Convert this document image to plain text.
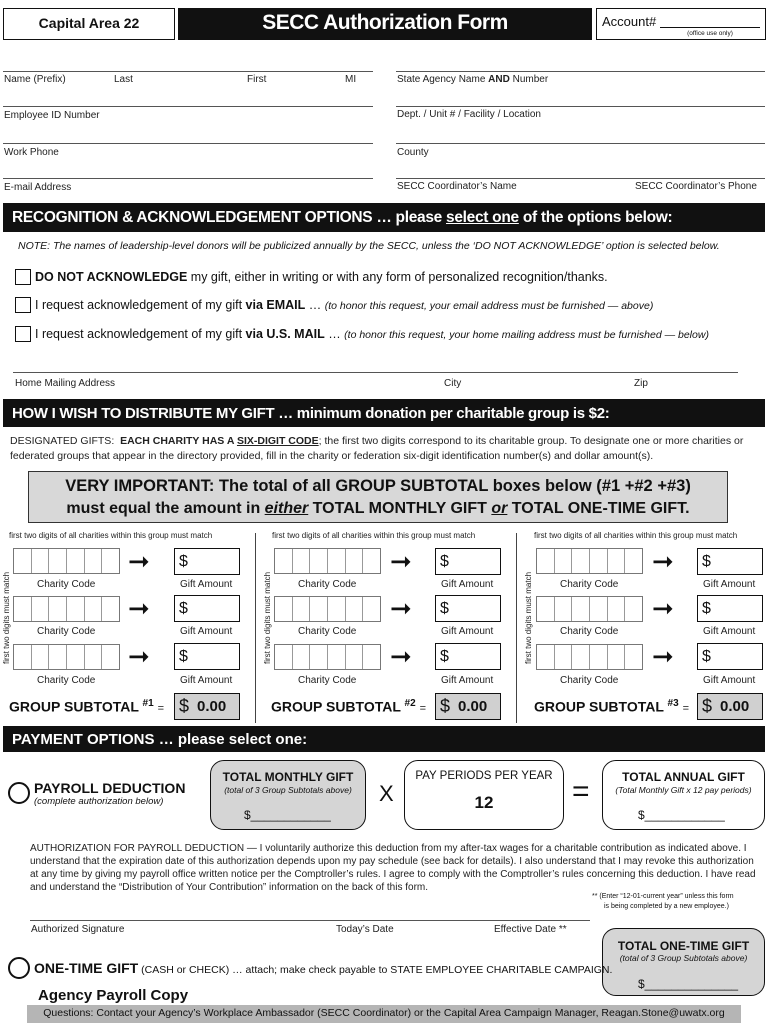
Capital Area 22	SECC Authorization Form	Account#
(office use only)
Name (Prefix)	Last	First	MI	State Agency Name AND Number
Employee ID Number	Dept. / Unit # / Facility / Location
Work Phone	County
E-mail Address	SECC Coordinator’s Name	SECC Coordinator’s Phone
RECOGNITION & ACKNOWLEDGEMENT OPTIONS … please select one of the options below:
NOTE: The names of leadership-level donors will be publicized annually by the SECC, unless the ‘DO NOT ACKNOWLEDGE’ option is selected below.
DO NOT ACKNOWLEDGE my gift, either in writing or with any form of personalized recognition/thanks.
I request acknowledgement of my gift via EMAIL … (to honor this request, your email address must be furnished — above)
I request acknowledgement of my gift via U.S. MAIL … (to honor this request, your home mailing address must be furnished — below)
Home Mailing Address	City	Zip
HOW I WISH TO DISTRIBUTE MY GIFT … minimum donation per charitable group is $2:
DESIGNATED GIFTS:  EACH CHARITY HAS A SIX-DIGIT CODE; the first two digits correspond to its charitable group. To designate one or more charities or federated groups that appear in the directory provided, fill in the charity or federation six-digit identification number(s) and dollar amount(s).
VERY IMPORTANT: The total of all GROUP SUBTOTAL boxes below (#1 +#2 +#3)
must equal the amount in either TOTAL MONTHLY GIFT or TOTAL ONE-TIME GIFT.
first two digits of all charities within this group must match
first two digits must match
➞	$
Charity Code	Gift Amount
➞	$
Charity Code	Gift Amount
➞	$
Charity Code	Gift Amount
GROUP SUBTOTAL $^{\#1}$ = $ 0.00
first two digits of all charities within this group must match
first two digits must match
➞	$
Charity Code	Gift Amount
➞	$
Charity Code	Gift Amount
➞	$
Charity Code	Gift Amount
GROUP SUBTOTAL $^{\#2}$ = $ 0.00
first two digits of all charities within this group must match
first two digits must match
➞	$
Charity Code	Gift Amount
➞	$
Charity Code	Gift Amount
➞	$
Charity Code	Gift Amount
GROUP SUBTOTAL $^{\#3}$ = $ 0.00
PAYMENT OPTIONS … please select one:
PAYROLL DEDUCTION
(complete authorization below)
TOTAL MONTHLY GIFT
(total of 3 Group Subtotals above)
$____________
X
PAY PERIODS PER YEAR
12	=	TOTAL ANNUAL GIFT
(Total Monthly Gift x 12 pay periods)
$____________
AUTHORIZATION FOR PAYROLL DEDUCTION — I voluntarily authorize this deduction from my after-tax wages for a charitable contribution as indicated above. I understand that the expiration date of this authorization depends upon my pay schedule (see back for details). I also understand that I may revoke this authorization at any time by giving my payroll office written notice per the Comptroller’s rules. I agree to comply with the Comptroller’s rules concerning this deduction. I have read and understand the “Distribution of Your Contribution” information on the back of this form.
** (Enter “12-01-current year” unless this form
is being completed by a new employee.)
Authorized Signature	Today’s Date	Effective Date **
TOTAL ONE-TIME GIFT
(total of 3 Group Subtotals above)
$______________
ONE-TIME GIFT (CASH or CHECK) … attach; make check payable to STATE EMPLOYEE CHARITABLE CAMPAIGN.
Agency Payroll Copy
Questions: Contact your Agency’s Workplace Ambassador (SECC Coordinator) or the Capital Area Campaign Manager, Reagan.Stone@uwatx.org
